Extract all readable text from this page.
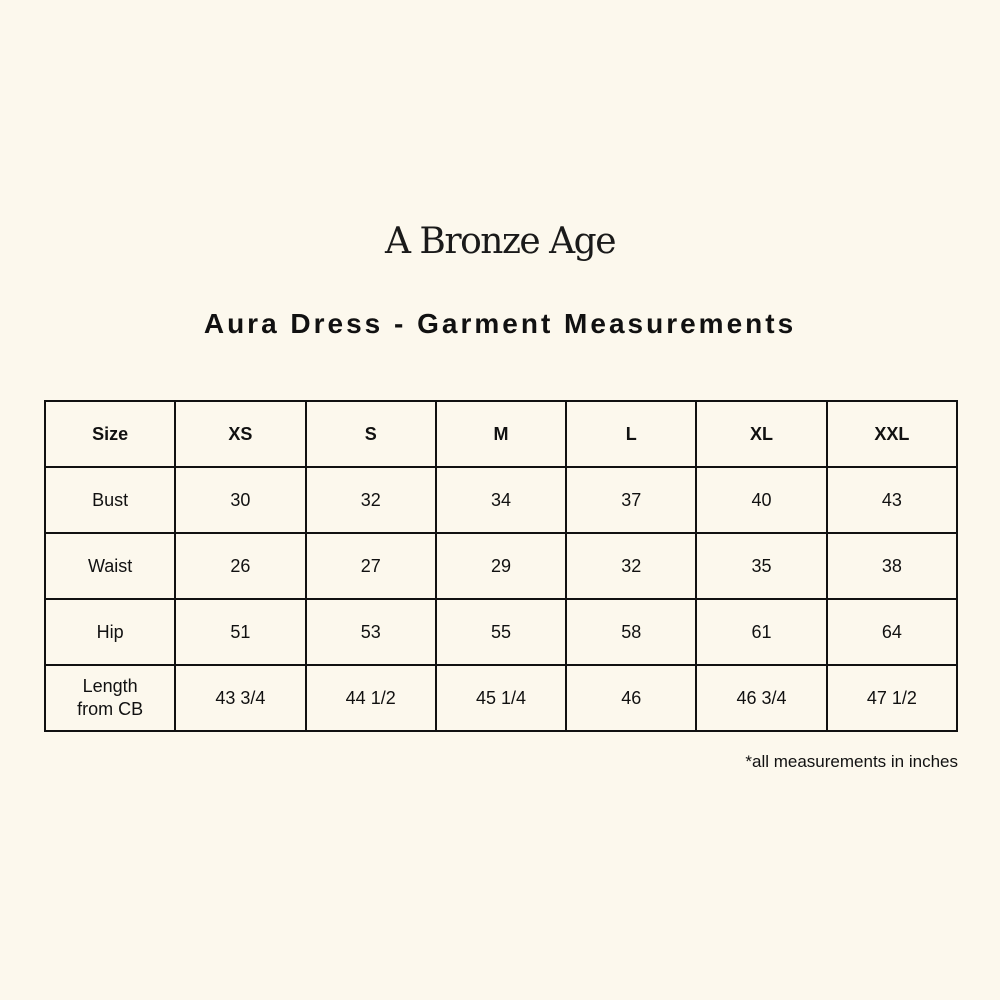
A Bronze Age
Aura Dress - Garment Measurements
Size	XS	S	M	L	XL	XXL
Bust	30	32	34	37	40	43
Waist	26	27	29	32	35	38
Hip	51	53	55	58	61	64
Length from CB	43 3/4	44 1/2	45 1/4	46	46 3/4	47 1/2
*all measurements in inches
